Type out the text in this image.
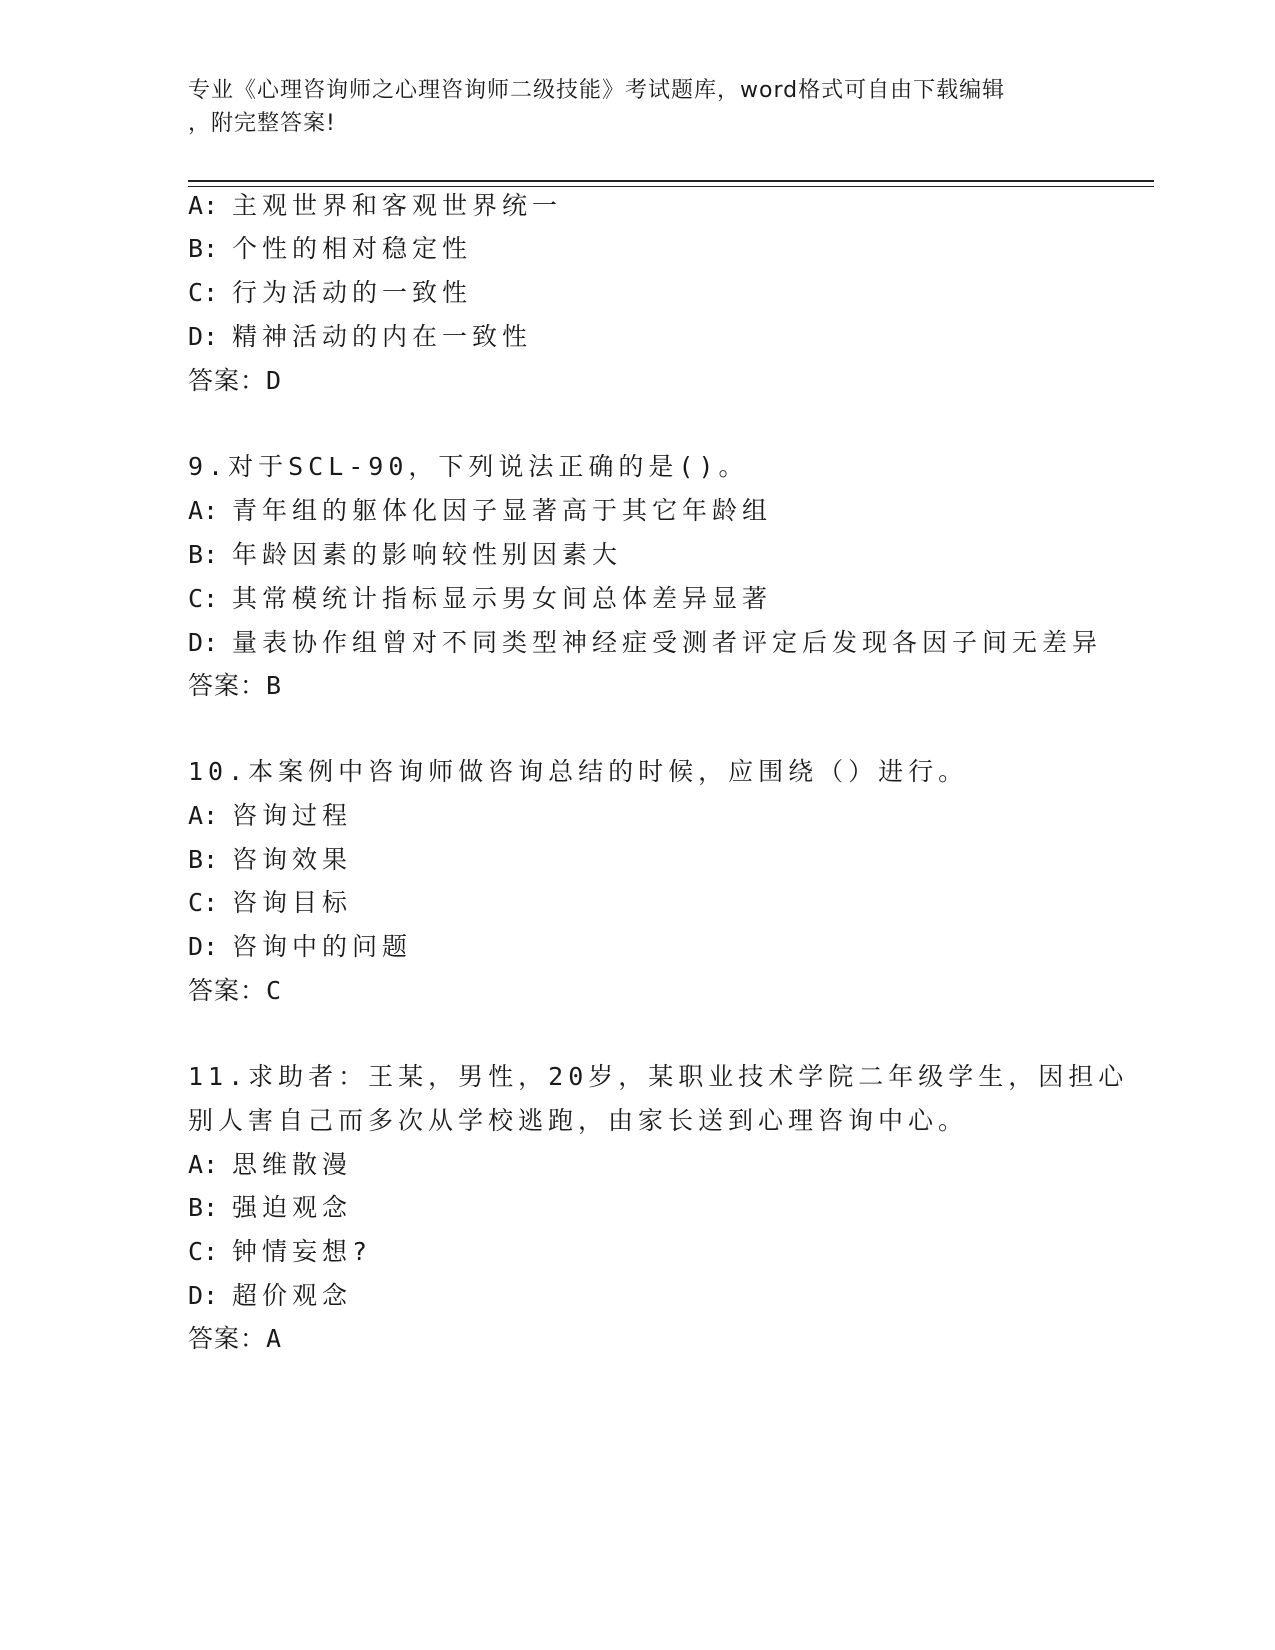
专业《心理咨询师之心理咨询师二级技能》考试题库，word格式可自由下载编辑
，附完整答案!
A: 主观世界和客观世界统一
B: 个性的相对稳定性
C: 行为活动的一致性
D: 精神活动的内在一致性
答案：D
9.对于SCL-90，下列说法正确的是()。
A: 青年组的躯体化因子显著高于其它年龄组
B: 年龄因素的影响较性别因素大
C: 其常模统计指标显示男女间总体差异显著
D: 量表协作组曾对不同类型神经症受测者评定后发现各因子间无差异
答案：B
10.本案例中咨询师做咨询总结的时候，应围绕（）进行。
A: 咨询过程
B: 咨询效果
C: 咨询目标
D: 咨询中的问题
答案：C
11.求助者：王某，男性，20岁，某职业技术学院二年级学生，因担心
别人害自己而多次从学校逃跑，由家长送到心理咨询中心。
A: 思维散漫
B: 强迫观念
C: 钟情妄想?
D: 超价观念
答案：A
